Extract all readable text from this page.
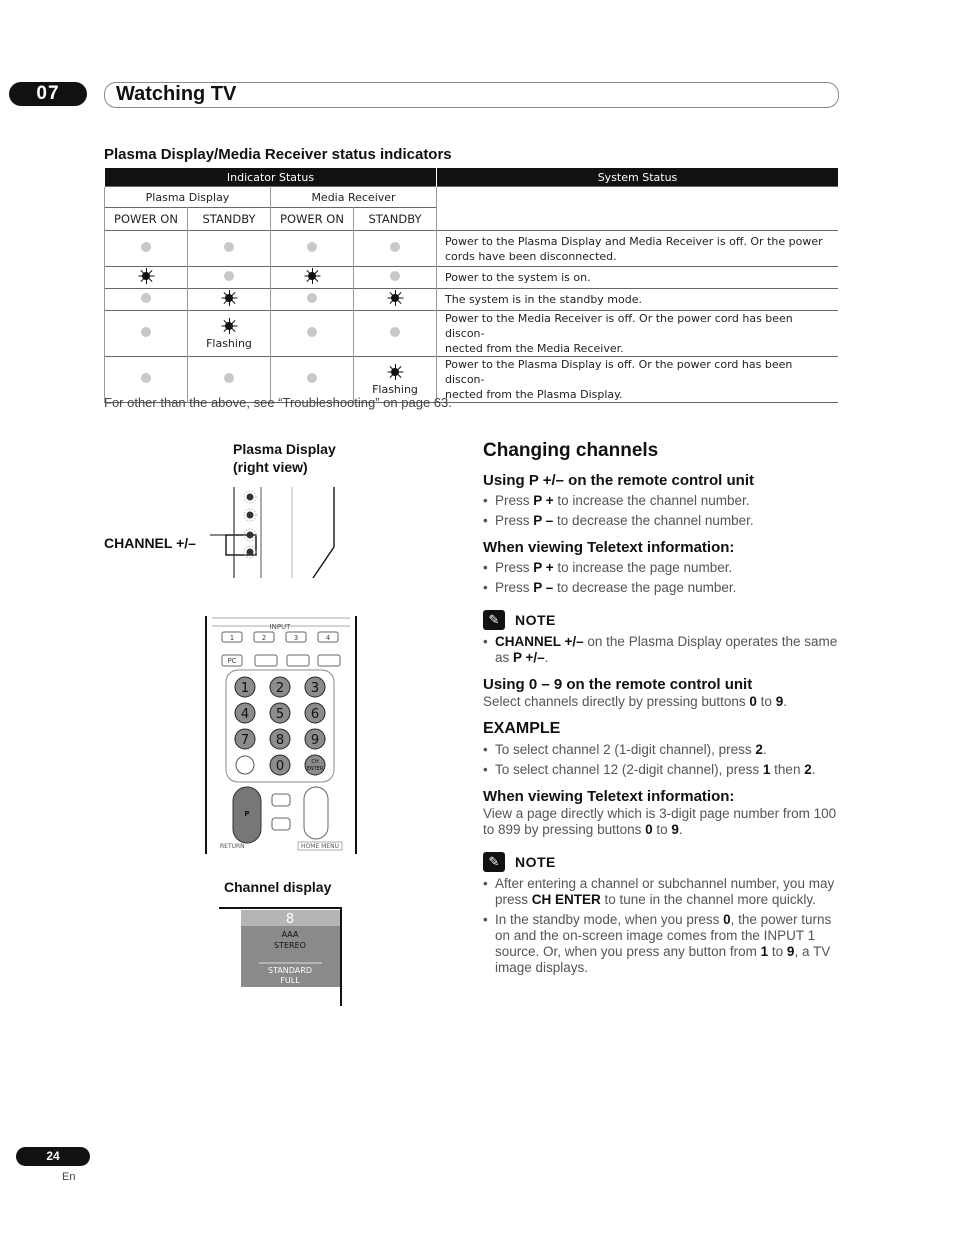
07	Watching TV
Plasma Display/Media Receiver status indicators
Indicator Status				System Status
Plasma Display		Media Receiver		
POWER ON	STANDBY	POWER ON	STANDBY	

				Power to the Plasma Display and Media Receiver is off. Or the power
cords have been disconnected.

				Power to the system is on.

				The system is in the standby mode.

	Flashing			Power to the Media Receiver is off. Or the power cord has been discon-
nected from the Media Receiver.

			Flashing	Power to the Plasma Display is off. Or the power cord has been discon-
nected from the Plasma Display.
For other than the above, see “Troubleshooting” on page 63.
Plasma Display
(right view)
CHANNEL +/–
INPUT
1	2	3	4
PC
1 2 3
4 5 6
7 8 9
0	CH
ENTER
P
RETURN	HOME MENU
Channel display
8
AAA
STEREO
STANDARD
FULL
Changing channels
Using P +/– on the remote control unit
• Press P + to increase the channel number.
• Press P – to decrease the channel number.
When viewing Teletext information:
• Press P + to increase the page number.
• Press P – to decrease the page number.
✎	NOTE
• CHANNEL +/– on the Plasma Display operates the same as P +/–.
Using 0 – 9 on the remote control unit

Select channels directly by pressing buttons 0 to 9.

EXAMPLE
• To select channel 2 (1-digit channel), press 2.
• To select channel 12 (2-digit channel), press 1 then 2.
When viewing Teletext information:

View a page directly which is 3-digit page number from 100 to 899 by pressing buttons 0 to 9.

✎	NOTE
• After entering a channel or subchannel number, you may press CH ENTER to tune in the channel more quickly.
• In the standby mode, when you press 0, the power turns on and the on-screen image comes from the INPUT 1 source. Or, when you press any button from 1 to 9, a TV image displays.
24
En
